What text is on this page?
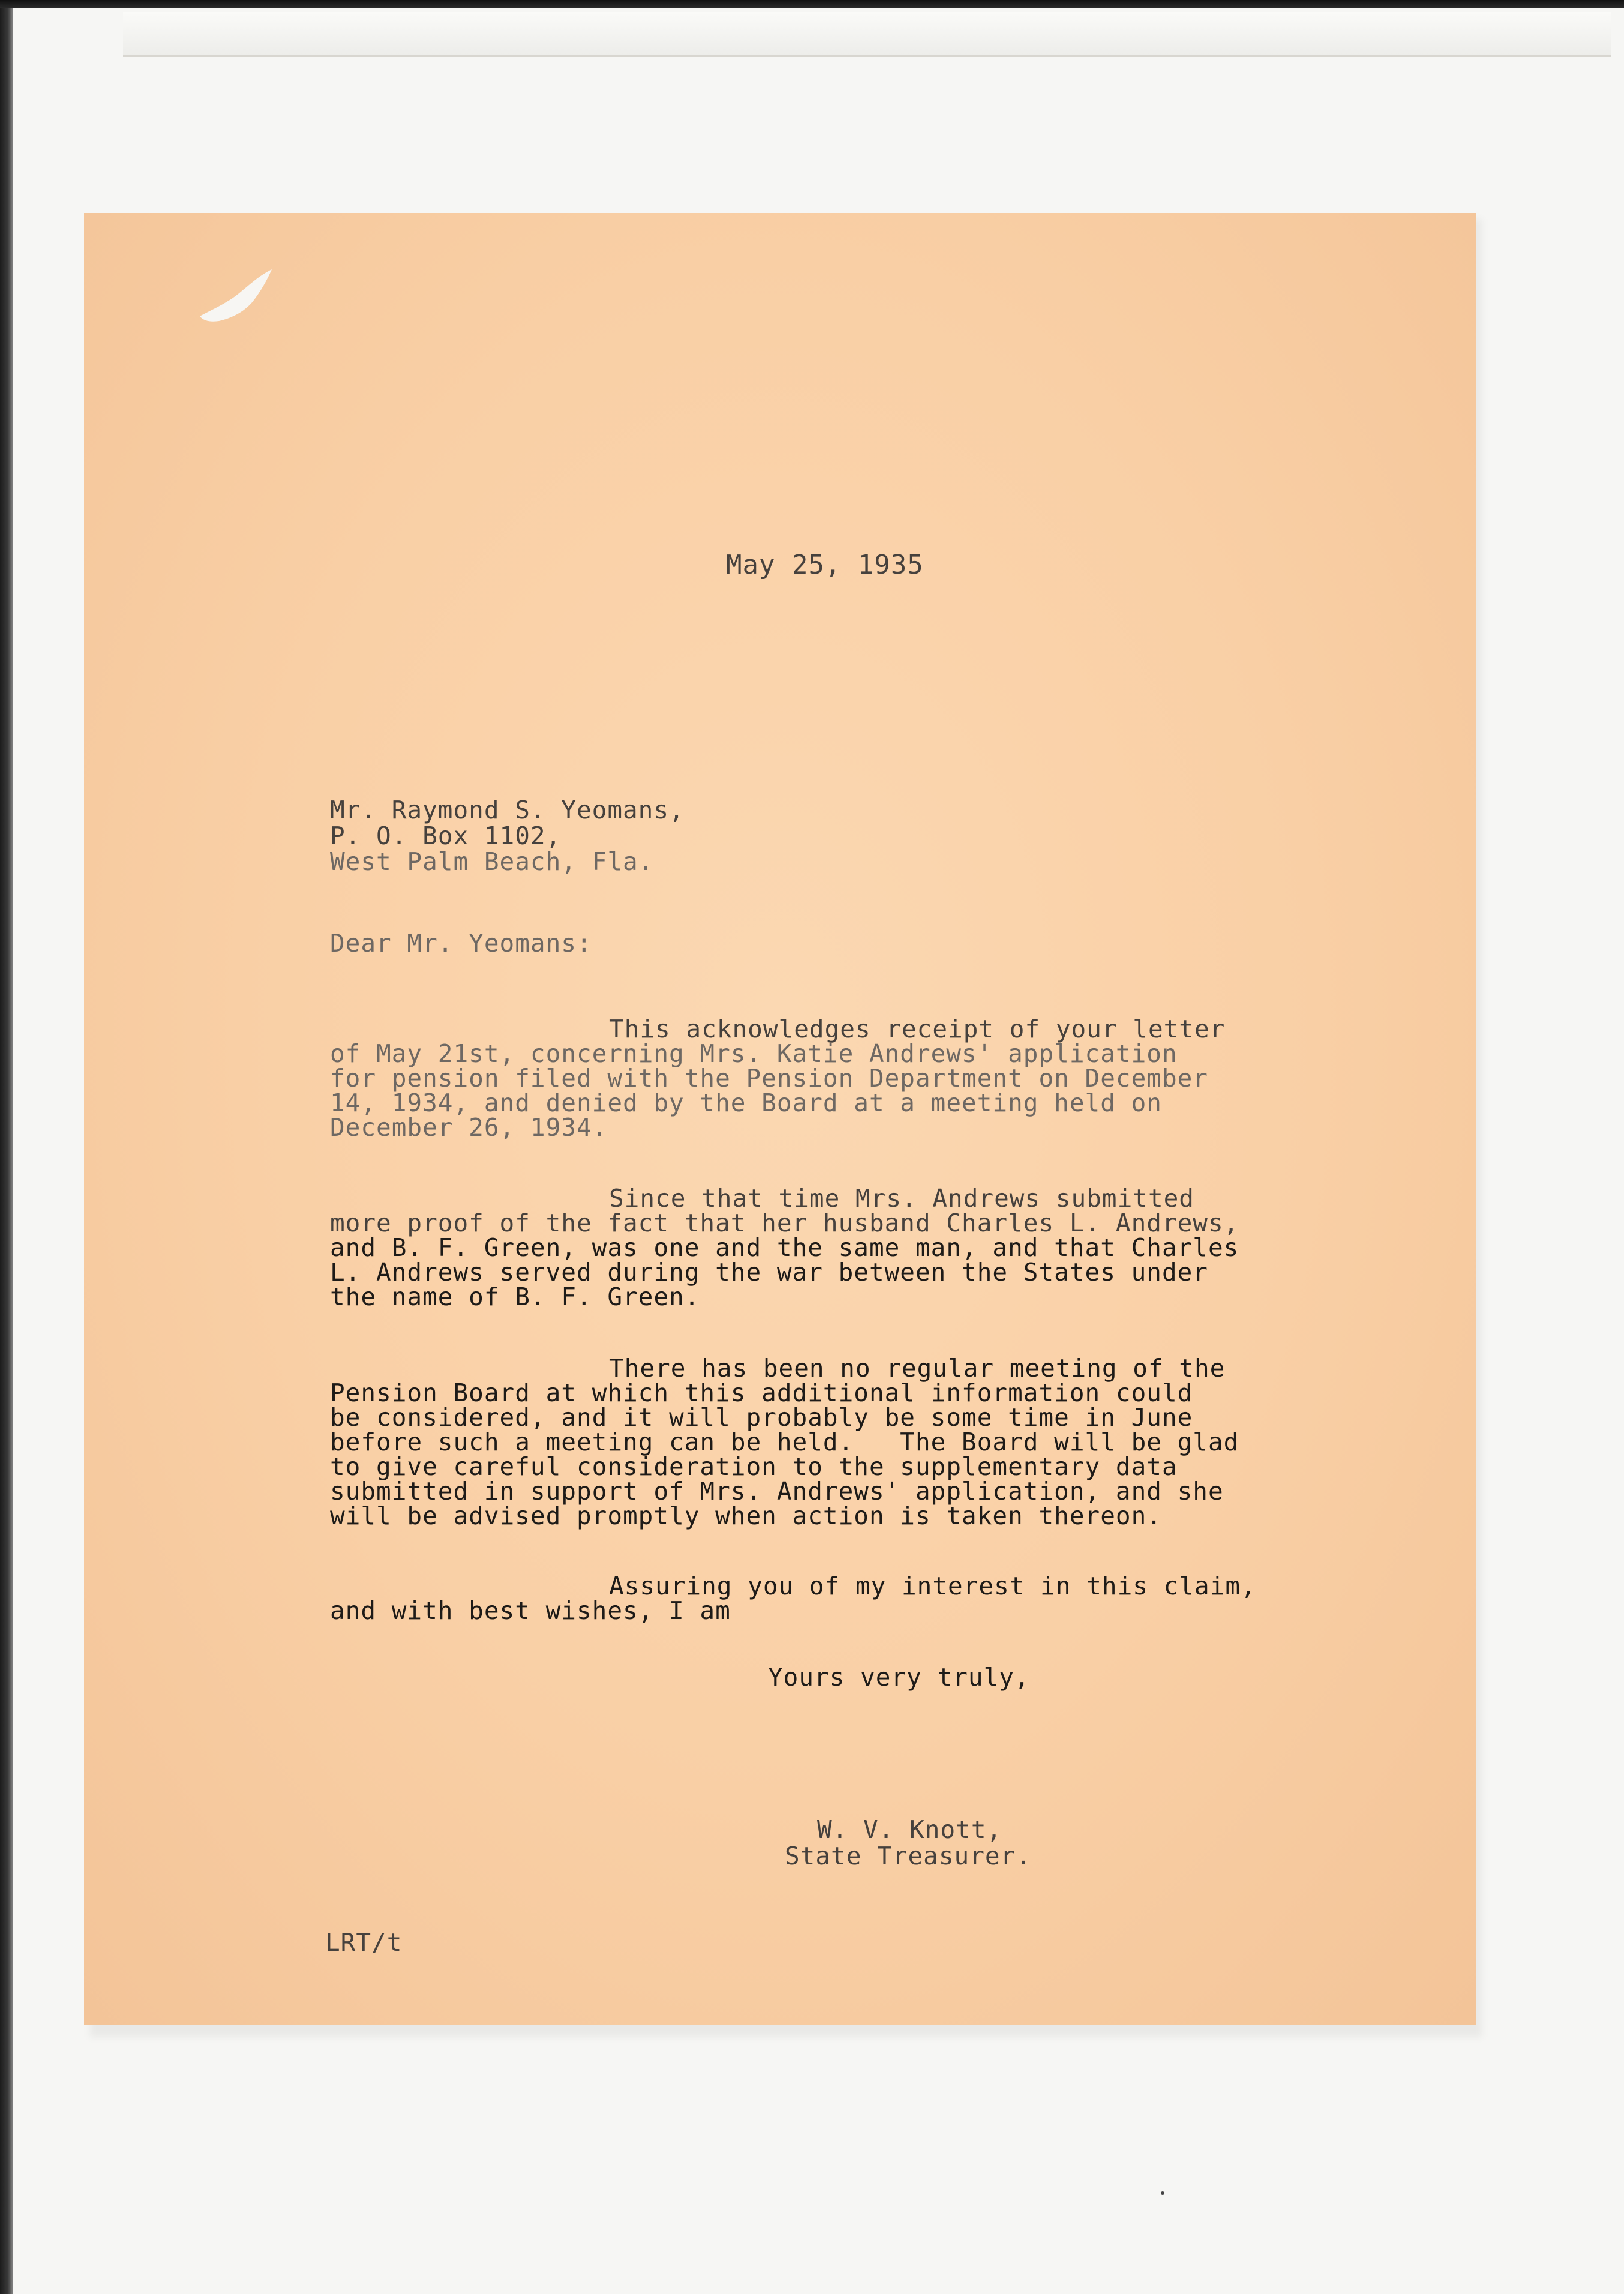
May 25, 1935
Mr. Raymond S. Yeomans,
P. O. Box 1102,
West Palm Beach, Fla.
Dear Mr. Yeomans:
This acknowledges receipt of your letter
of May 21st, concerning Mrs. Katie Andrews' application
for pension filed with the Pension Department on December
14, 1934, and denied by the Board at a meeting held on
December 26, 1934.
Since that time Mrs. Andrews submitted
more proof of the fact that her husband Charles L. Andrews,
and B. F. Green, was one and the same man, and that Charles
L. Andrews served during the war between the States under
the name of B. F. Green.
There has been no regular meeting of the
Pension Board at which this additional information could
be considered, and it will probably be some time in June
before such a meeting can be held.   The Board will be glad
to give careful consideration to the supplementary data
submitted in support of Mrs. Andrews' application, and she
will be advised promptly when action is taken thereon.
Assuring you of my interest in this claim,
and with best wishes, I am
Yours very truly,
W. V. Knott,
State Treasurer.
LRT/t
